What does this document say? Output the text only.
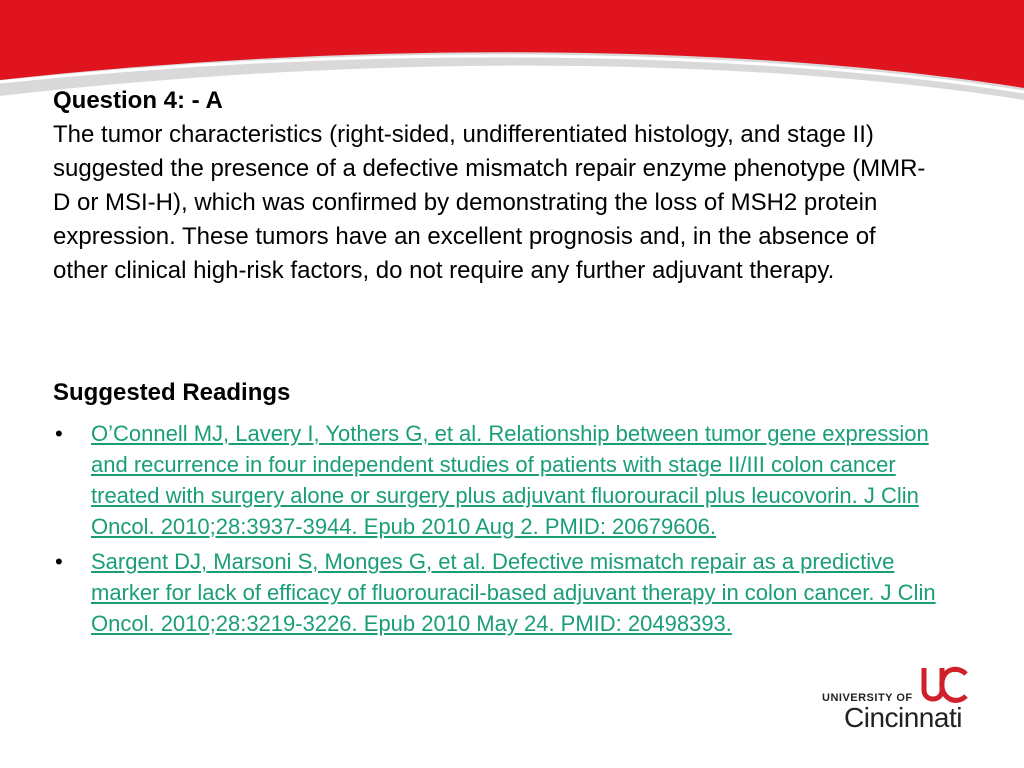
Question 4: - A

The tumor characteristics (right-sided, undifferentiated histology, and stage II) suggested the presence of a defective mismatch repair enzyme phenotype (MMR-D or MSI-H), which was confirmed by demonstrating the loss of MSH2 protein expression. These tumors have an excellent prognosis and, in the absence of other clinical high-risk factors, do not require any further adjuvant therapy.

Suggested Readings

• O’Connell MJ, Lavery I, Yothers G, et al. Relationship between tumor gene expression and recurrence in four independent studies of patients with stage II/III colon cancer treated with surgery alone or surgery plus adjuvant fluorouracil plus leucovorin. J Clin Oncol. 2010;28:3937-3944. Epub 2010 Aug 2. PMID: 20679606.
• Sargent DJ, Marsoni S, Monges G, et al. Defective mismatch repair as a predictive marker for lack of efficacy of fluorouracil-based adjuvant therapy in colon cancer. J Clin Oncol. 2010;28:3219-3226. Epub 2010 May 24. PMID: 20498393.
UNIVERSITY OF
Cincinnati
